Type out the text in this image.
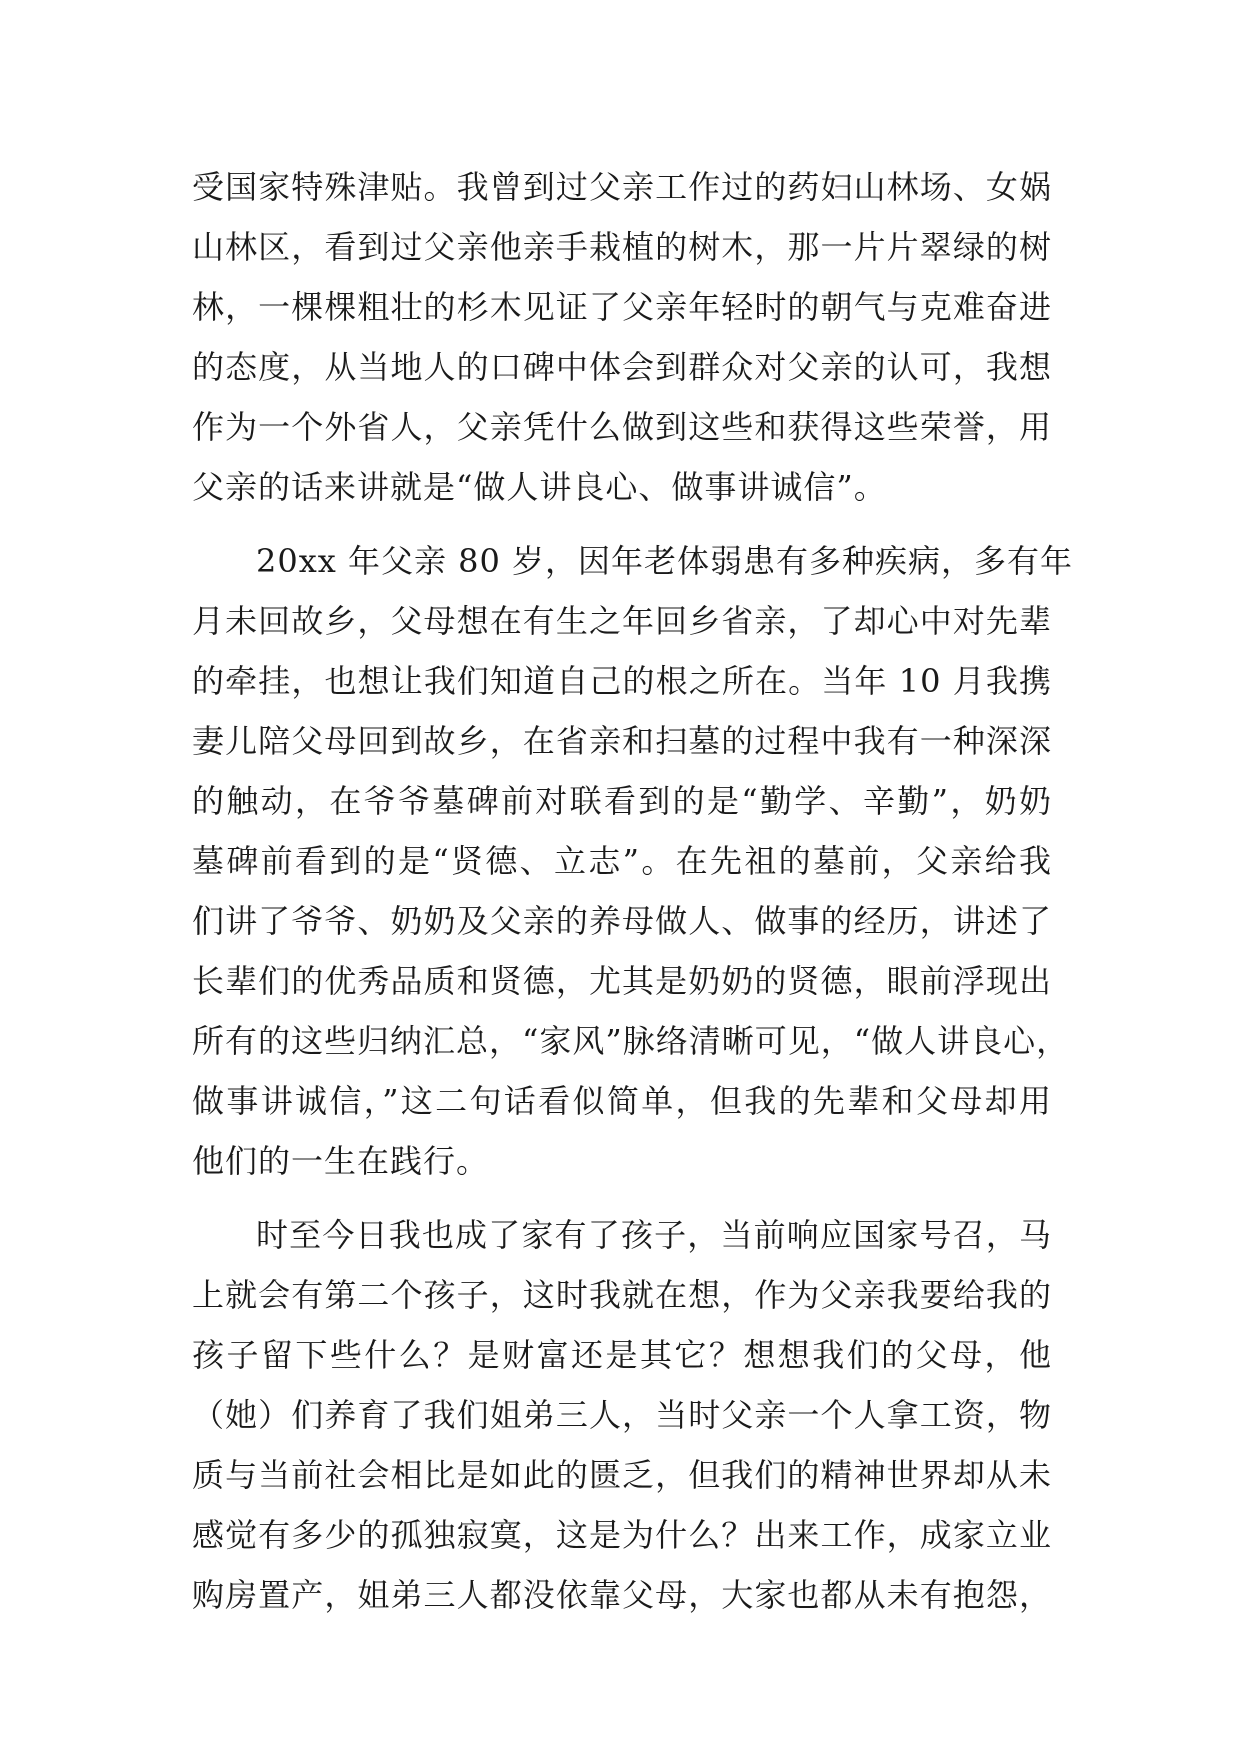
受国家特殊津贴。我曾到过父亲工作过的药妇山林场、女娲
山林区，看到过父亲他亲手栽植的树木，那一片片翠绿的树
林，一棵棵粗壮的杉木见证了父亲年轻时的朝气与克难奋进
的态度，从当地人的口碑中体会到群众对父亲的认可，我想
作为一个外省人，父亲凭什么做到这些和获得这些荣誉，用
父亲的话来讲就是“做人讲良心、做事讲诚信”。
20xx 年父亲 80 岁，因年老体弱患有多种疾病，多有年
月未回故乡，父母想在有生之年回乡省亲，了却心中对先辈
的牵挂，也想让我们知道自己的根之所在。当年 10 月我携
妻儿陪父母回到故乡，在省亲和扫墓的过程中我有一种深深
的触动，在爷爷墓碑前对联看到的是“勤学、辛勤”，奶奶
墓碑前看到的是“贤德、立志”。在先祖的墓前，父亲给我
们讲了爷爷、奶奶及父亲的养母做人、做事的经历，讲述了
长辈们的优秀品质和贤德，尤其是奶奶的贤德，眼前浮现出
所有的这些归纳汇总，“家风”脉络清晰可见，“做人讲良心，
做事讲诚信，”这二句话看似简单，但我的先辈和父母却用
他们的一生在践行。
时至今日我也成了家有了孩子，当前响应国家号召，马
上就会有第二个孩子，这时我就在想，作为父亲我要给我的
孩子留下些什么？是财富还是其它？想想我们的父母，他
（她）们养育了我们姐弟三人，当时父亲一个人拿工资，物
质与当前社会相比是如此的匮乏，但我们的精神世界却从未
感觉有多少的孤独寂寞，这是为什么？出来工作，成家立业
购房置产，姐弟三人都没依靠父母，大家也都从未有抱怨，
